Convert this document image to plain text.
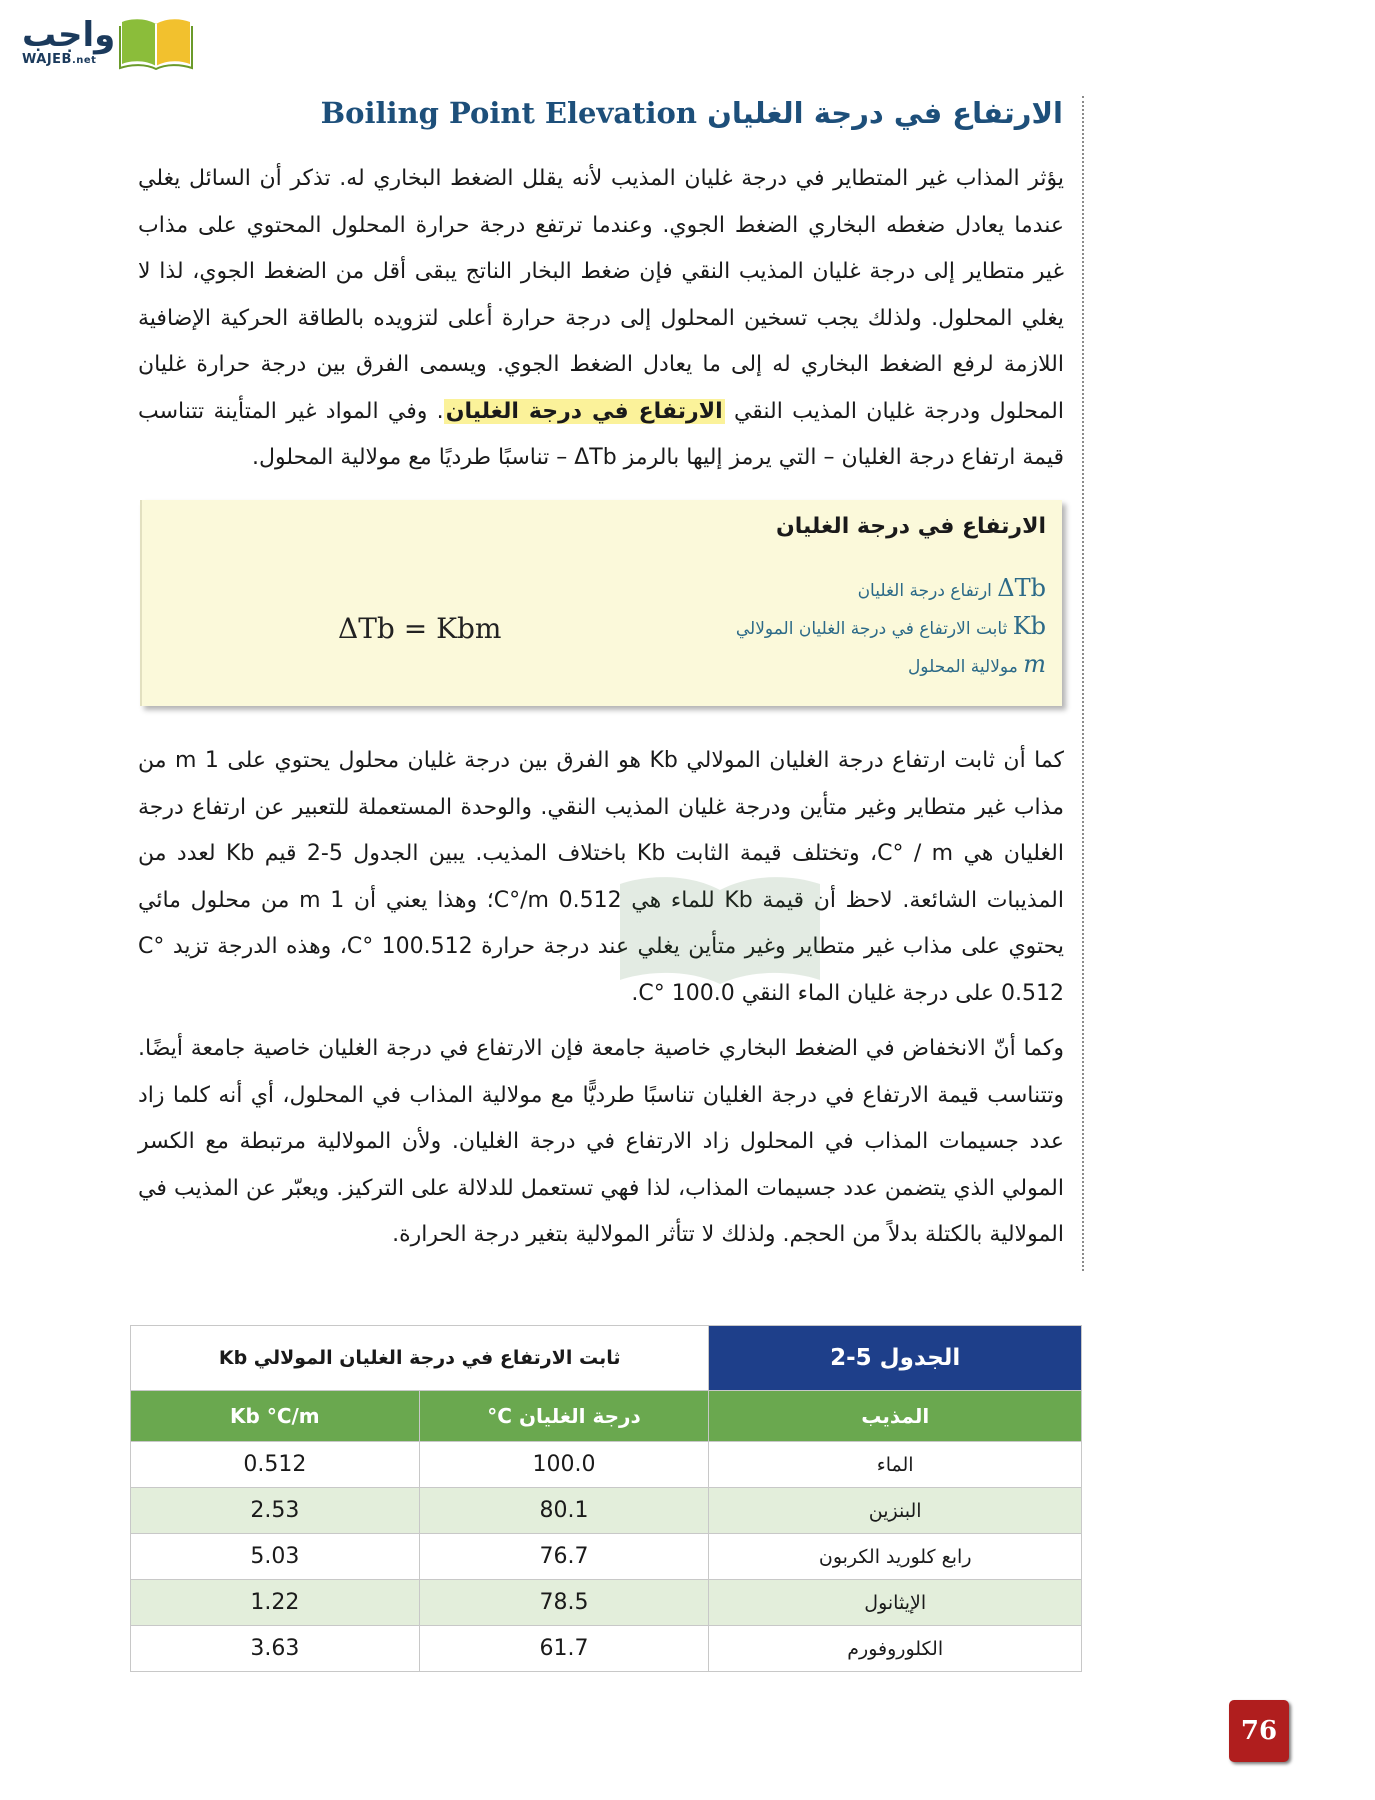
واجب
WAJEB.net
الارتفاع في درجة الغليان Boiling Point Elevation
يؤثر المذاب غير المتطاير في درجة غليان المذيب لأنه يقلل الضغط البخاري له. تذكر أن السائل يغلي عندما يعادل ضغطه البخاري الضغط الجوي. وعندما ترتفع درجة حرارة المحلول المحتوي على مذاب غير متطاير إلى درجة غليان المذيب النقي فإن ضغط البخار الناتج يبقى أقل من الضغط الجوي، لذا لا يغلي المحلول. ولذلك يجب تسخين المحلول إلى درجة حرارة أعلى لتزويده بالطاقة الحركية الإضافية اللازمة لرفع الضغط البخاري له إلى ما يعادل الضغط الجوي. ويسمى الفرق بين درجة حرارة غليان المحلول ودرجة غليان المذيب النقي الارتفاع في درجة الغليان. وفي المواد غير المتأينة تتناسب قيمة ارتفاع درجة الغليان – التي يرمز إليها بالرمز ΔTb – تناسبًا طرديًا مع مولالية المحلول.
الارتفاع في درجة الغليان
ΔTb ارتفاع درجة الغليان
Kb ثابت الارتفاع في درجة الغليان المولالي
m مولالية المحلول
ΔTb = Kbm
كما أن ثابت ارتفاع درجة الغليان المولالي Kb هو الفرق بين درجة غليان محلول يحتوي على 1 m من مذاب غير متطاير وغير متأين ودرجة غليان المذيب النقي. والوحدة المستعملة للتعبير عن ارتفاع درجة الغليان هي C° / m، وتختلف قيمة الثابت Kb باختلاف المذيب. يبين الجدول 5-2 قيم Kb لعدد من المذيبات الشائعة. لاحظ أن قيمة Kb للماء هي C°/m 0.512؛ وهذا يعني أن 1 m من محلول مائي يحتوي على مذاب غير متطاير وغير متأين يغلي عند درجة حرارة C° 100.512، وهذه الدرجة تزيد C° 0.512 على درجة غليان الماء النقي C° 100.0.
وكما أنّ الانخفاض في الضغط البخاري خاصية جامعة فإن الارتفاع في درجة الغليان خاصية جامعة أيضًا. وتتناسب قيمة الارتفاع في درجة الغليان تناسبًا طرديًّا مع مولالية المذاب في المحلول، أي أنه كلما زاد عدد جسيمات المذاب في المحلول زاد الارتفاع في درجة الغليان. ولأن المولالية مرتبطة مع الكسر المولي الذي يتضمن عدد جسيمات المذاب، لذا فهي تستعمل للدلالة على التركيز. ويعبّر عن المذيب في المولالية بالكتلة بدلاً من الحجم. ولذلك لا تتأثر المولالية بتغير درجة الحرارة.
الجدول 5-2	ثابت الارتفاع في درجة الغليان المولالي Kb	
المذيب	درجة الغليان C°	Kb °C/m
الماء	100.0	0.512
البنزين	80.1	2.53
رابع كلوريد الكربون	76.7	5.03
الإيثانول	78.5	1.22
الكلوروفورم	61.7	3.63
76
